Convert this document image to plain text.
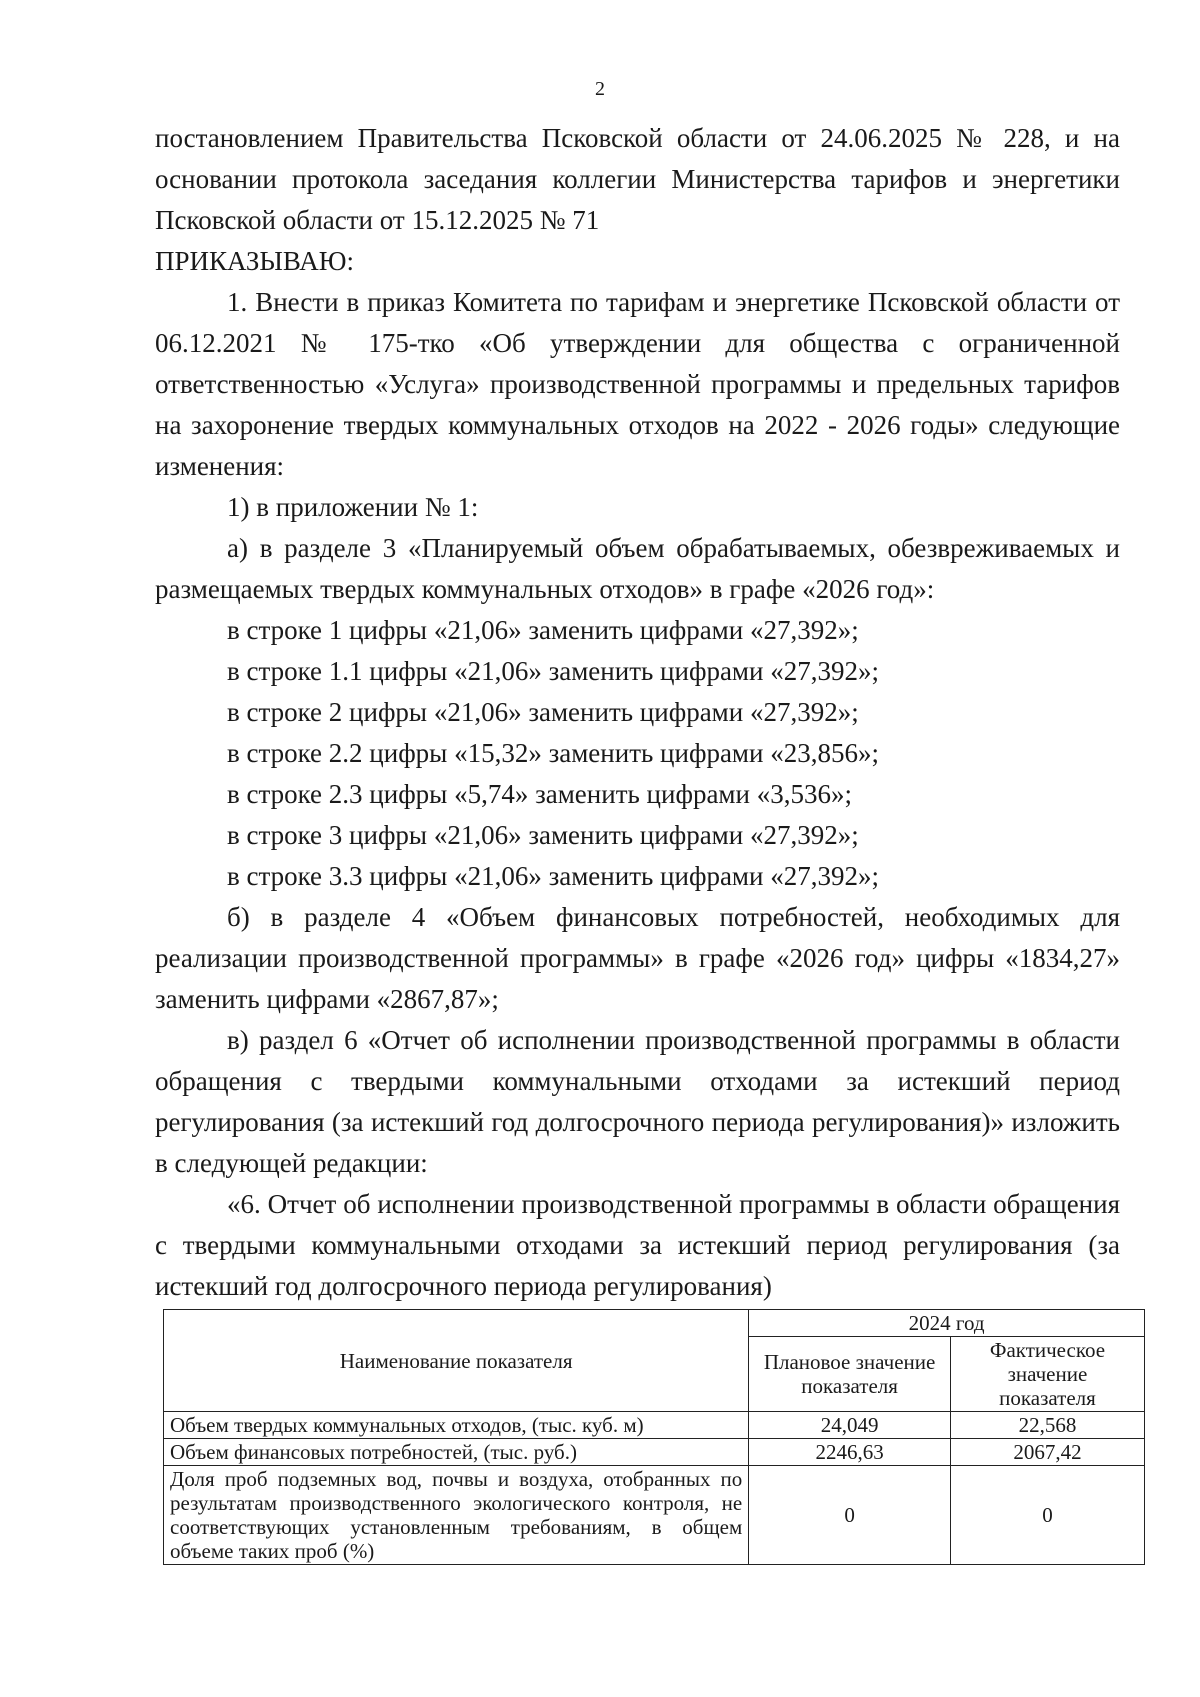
2

постановлением Правительства Псковской области от 24.06.2025 № 228, и на основании протокола заседания коллегии Министерства тарифов и энергетики Псковской области от 15.12.2025 № 71

ПРИКАЗЫВАЮ:

1. Внести в приказ Комитета по тарифам и энергетике Псковской области от 06.12.2021 № 175-тко «Об утверждении для общества с ограниченной ответственностью «Услуга» производственной программы и предельных тарифов на захоронение твердых коммунальных отходов на 2022 - 2026 годы» следующие изменения:

1) в приложении № 1:

а) в разделе 3 «Планируемый объем обрабатываемых, обезвреживаемых и размещаемых твердых коммунальных отходов» в графе «2026 год»:

в строке 1 цифры «21,06» заменить цифрами «27,392»;

в строке 1.1 цифры «21,06» заменить цифрами «27,392»;

в строке 2 цифры «21,06» заменить цифрами «27,392»;

в строке 2.2 цифры «15,32» заменить цифрами «23,856»;

в строке 2.3 цифры «5,74» заменить цифрами «3,536»;

в строке 3 цифры «21,06» заменить цифрами «27,392»;

в строке 3.3 цифры «21,06» заменить цифрами «27,392»;

б) в разделе 4 «Объем финансовых потребностей, необходимых для реализации производственной программы» в графе «2026 год» цифры «1834,27» заменить цифрами «2867,87»;

в) раздел 6 «Отчет об исполнении производственной программы в области обращения с твердыми коммунальными отходами за истекший период регулирования (за истекший год долгосрочного периода регулирования)» изложить в следующей редакции:

«6. Отчет об исполнении производственной программы в области обращения с твердыми коммунальными отходами за истекший период регулирования (за истекший год долгосрочного периода регулирования)

Наименование показателя	2024 год	
	Плановое значение показателя	Фактическое значение показателя
Объем твердых коммунальных отходов, (тыс. куб. м)	24,049	22,568
Объем финансовых потребностей, (тыс. руб.)	2246,63	2067,42
Доля проб подземных вод, почвы и воздуха, отобранных по результатам производственного экологического контроля, не соответствующих установленным требованиям, в общем объеме таких проб (%)	0	0
